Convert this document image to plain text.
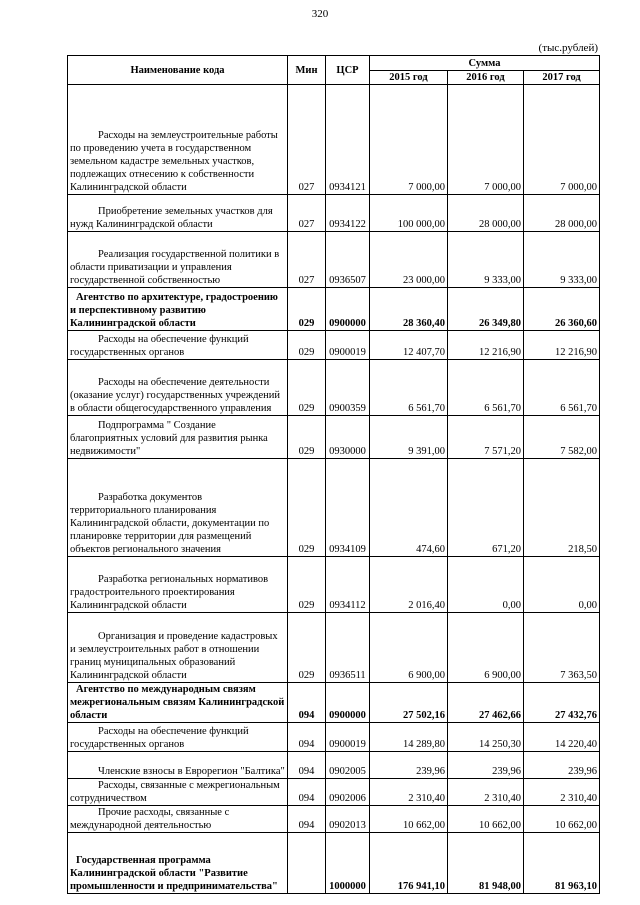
320
(тыс.рублей)
Наименование кода	Мин	ЦСР	Сумма		
			2015 год	2016 год	2017 год
Расходы на землеустроительные работы по проведению учета в государственном земельном кадастре земельных участков, подлежащих отнесению к собственности Калининградской области	027	0934121	7 000,00	7 000,00	7 000,00
Приобретение земельных участков для нужд Калининградской области	027	0934122	100 000,00	28 000,00	28 000,00
Реализация государственной политики в области приватизации и управления государственной собственностью	027	0936507	23 000,00	9 333,00	9 333,00
Агентство по архитектуре, градостроению и перспективному развитию Калининградской области	029	0900000	28 360,40	26 349,80	26 360,60
Расходы на обеспечение функций государственных органов	029	0900019	12 407,70	12 216,90	12 216,90
Расходы на обеспечение деятельности (оказание услуг) государственных учреждений в области общегосударственного управления	029	0900359	6 561,70	6 561,70	6 561,70
Подпрограмма " Создание благоприятных условий для развития рынка недвижимости"	029	0930000	9 391,00	7 571,20	7 582,00
Разработка документов территориального планирования Калининградской области, документации по планировке территории для размещений объектов регионального значения	029	0934109	474,60	671,20	218,50
Разработка региональных нормативов градостроительного проектирования Калининградской области	029	0934112	2 016,40	0,00	0,00
Организация и проведение кадастровых и землеустроительных работ в отношении границ муниципальных образований Калининградской области	029	0936511	6 900,00	6 900,00	7 363,50
Агентство по международным связям межрегиональным связям Калининградской области	094	0900000	27 502,16	27 462,66	27 432,76
Расходы на обеспечение функций государственных органов	094	0900019	14 289,80	14 250,30	14 220,40
Членские взносы в Еврорегион "Балтика"	094	0902005	239,96	239,96	239,96
Расходы, связанные с межрегиональным сотрудничеством	094	0902006	2 310,40	2 310,40	2 310,40
Прочие расходы, связанные с международной деятельностью	094	0902013	10 662,00	10 662,00	10 662,00
Государственная программа Калининградской области "Развитие промышленности и предпринимательства"		1000000	176 941,10	81 948,00	81 963,10
